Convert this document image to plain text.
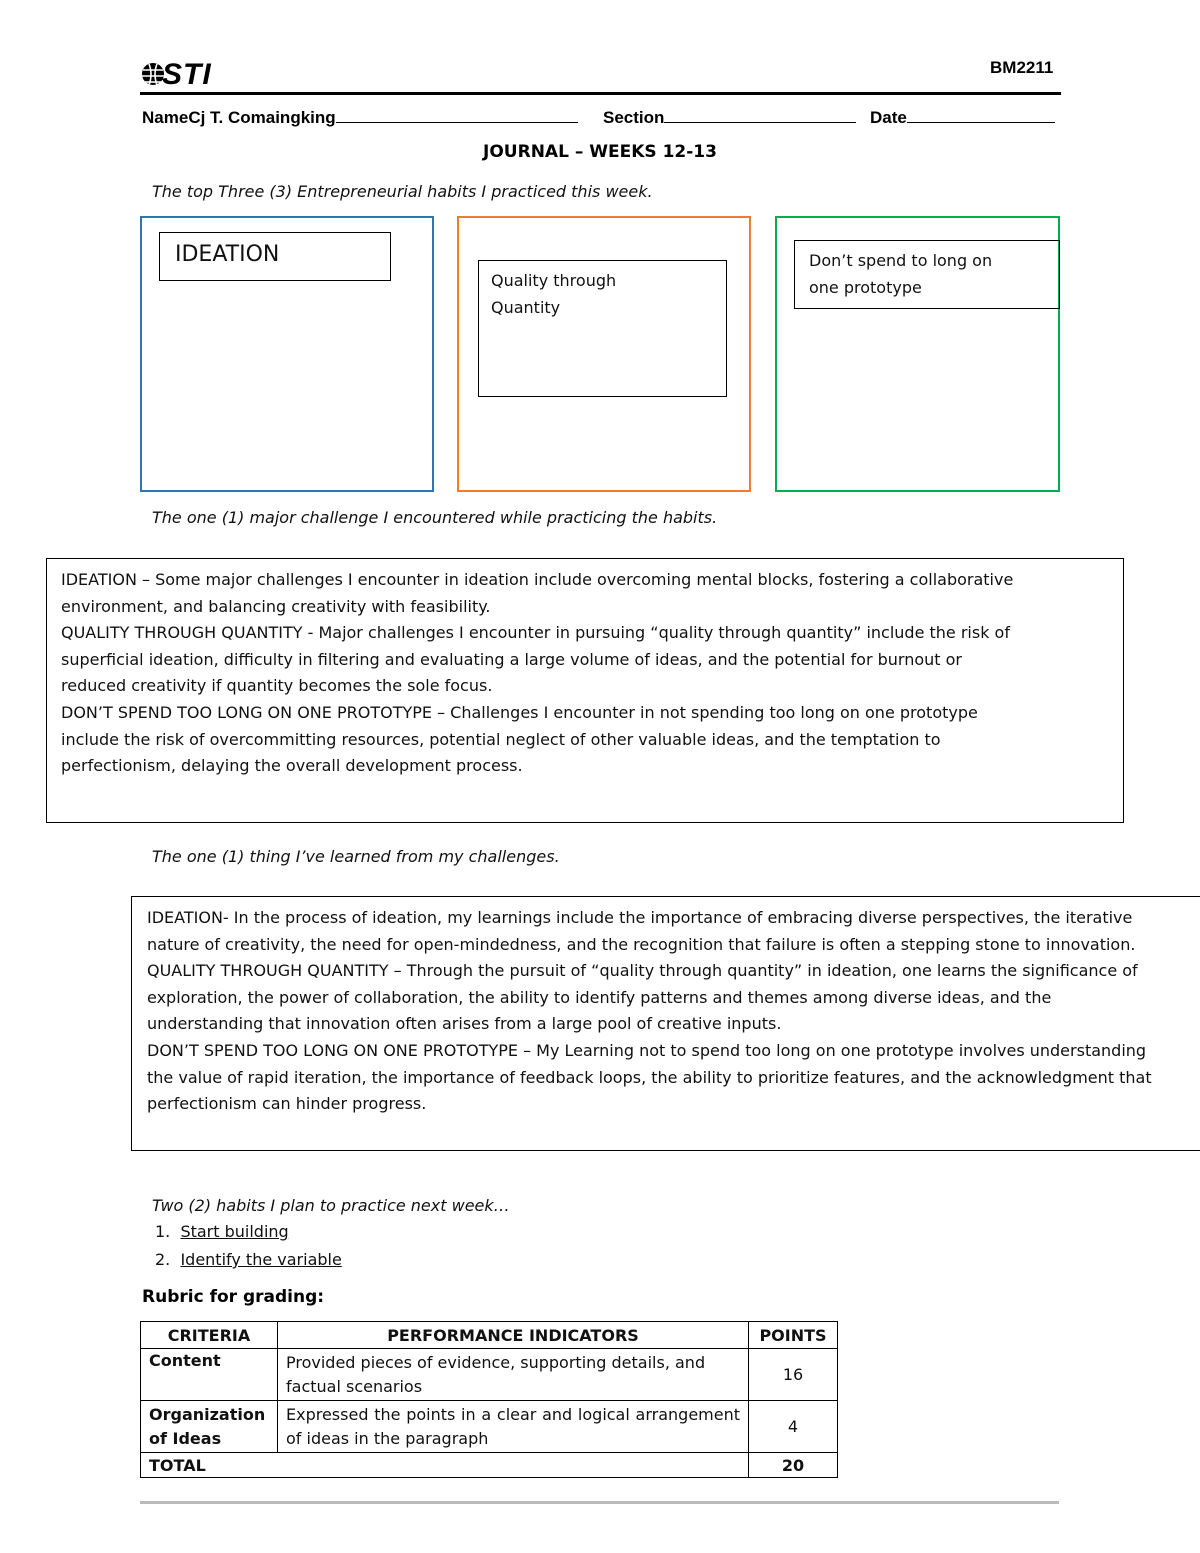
STI	BM2211
NameCj T. Comaingking	Section	Date
JOURNAL – WEEKS 12-13
The top Three (3) Entrepreneurial habits I practiced this week.
IDEATION
Quality through Quantity
Don’t spend to long on one prototype
The one (1) major challenge I encountered while practicing the habits.

IDEATION – Some major challenges I encounter in ideation include overcoming mental blocks, fostering a collaborative

environment, and balancing creativity with feasibility.

QUALITY THROUGH QUANTITY - Major challenges I encounter in pursuing “quality through quantity” include the risk of

superficial ideation, difficulty in filtering and evaluating a large volume of ideas, and the potential for burnout or

reduced creativity if quantity becomes the sole focus.

DON’T SPEND TOO LONG ON ONE PROTOTYPE – Challenges I encounter in not spending too long on one prototype

include the risk of overcommitting resources, potential neglect of other valuable ideas, and the temptation to

perfectionism, delaying the overall development process.

The one (1) thing I’ve learned from my challenges.

IDEATION- In the process of ideation, my learnings include the importance of embracing diverse perspectives, the iterative

nature of creativity, the need for open-mindedness, and the recognition that failure is often a stepping stone to innovation.

QUALITY THROUGH QUANTITY – Through the pursuit of “quality through quantity” in ideation, one learns the significance of

exploration, the power of collaboration, the ability to identify patterns and themes among diverse ideas, and the

understanding that innovation often arises from a large pool of creative inputs.

DON’T SPEND TOO LONG ON ONE PROTOTYPE – My Learning not to spend too long on one prototype involves understanding

the value of rapid iteration, the importance of feedback loops, the ability to prioritize features, and the acknowledgment that

perfectionism can hinder progress.

Two (2) habits I plan to practice next week…
1.  Start building
2.  Identify the variable
Rubric for grading:
CRITERIA	PERFORMANCE INDICATORS	POINTS
Content	Provided pieces of evidence, supporting details, and factual scenarios	16
Organization of Ideas	Expressed the points in a clear and logical arrangement of ideas in the paragraph	4
TOTAL		20
